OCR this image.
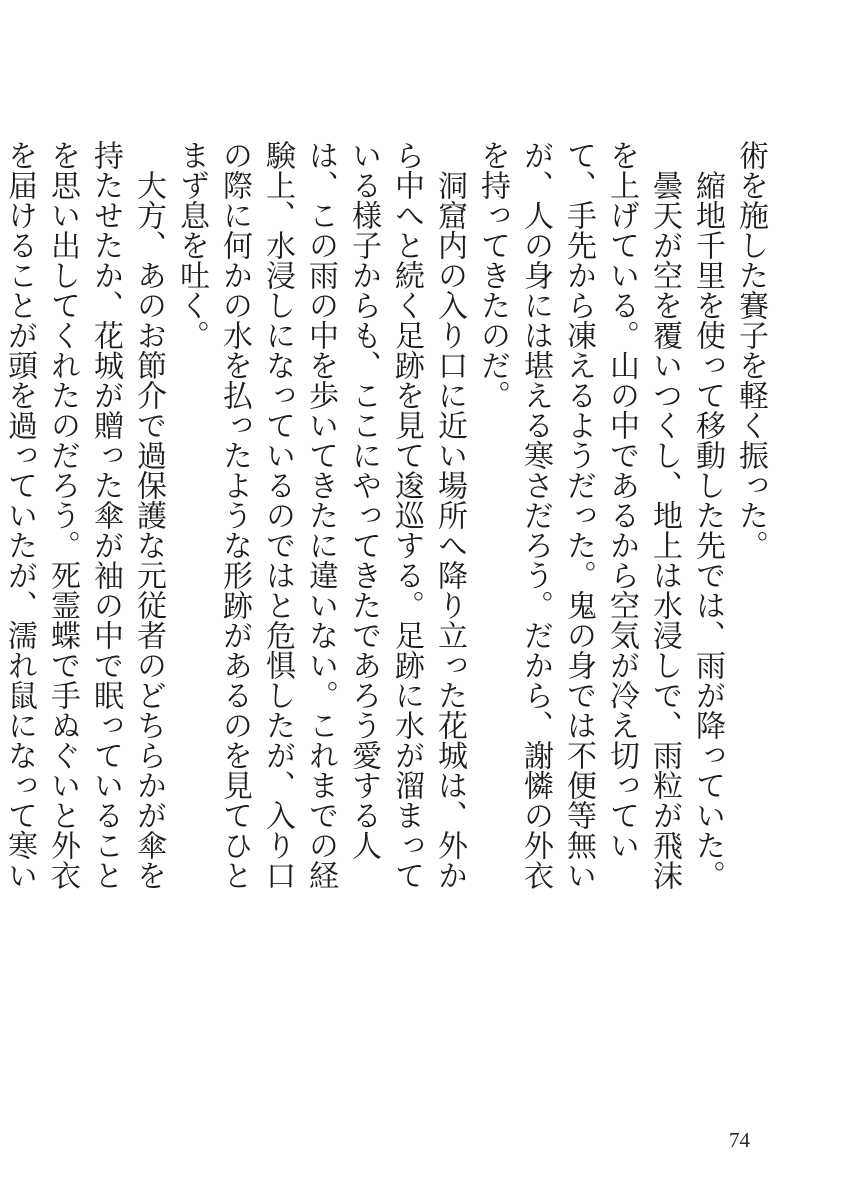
術を施した賽子を軽く振った。

縮地千里を使って移動した先では、雨が降っていた。

曇天が空を覆いつくし、地上は水浸しで、雨粒が飛沫を上げている。山の中であるから空気が冷え切っていて、手先から凍えるようだった。鬼の身では不便等無いが、人の身には堪える寒さだろう。だから、謝憐の外衣を持ってきたのだ。

洞窟内の入り口に近い場所へ降り立った花城は、外から中へと続く足跡を見て逡巡する。足跡に水が溜まっている様子からも、ここにやってきたであろう愛する人は、この雨の中を歩いてきたに違いない。これまでの経験上、水浸しになっているのではと危惧したが、入り口の際に何かの水を払ったような形跡があるのを見てひとまず息を吐く。

大方、あのお節介で過保護な元従者のどちらかが傘を持たせたか、花城が贈った傘が袖の中で眠っていることを思い出してくれたのだろう。死霊蝶で手ぬぐいと外衣を届けることが頭を過っていたが、濡れ鼠になって寒い

74
